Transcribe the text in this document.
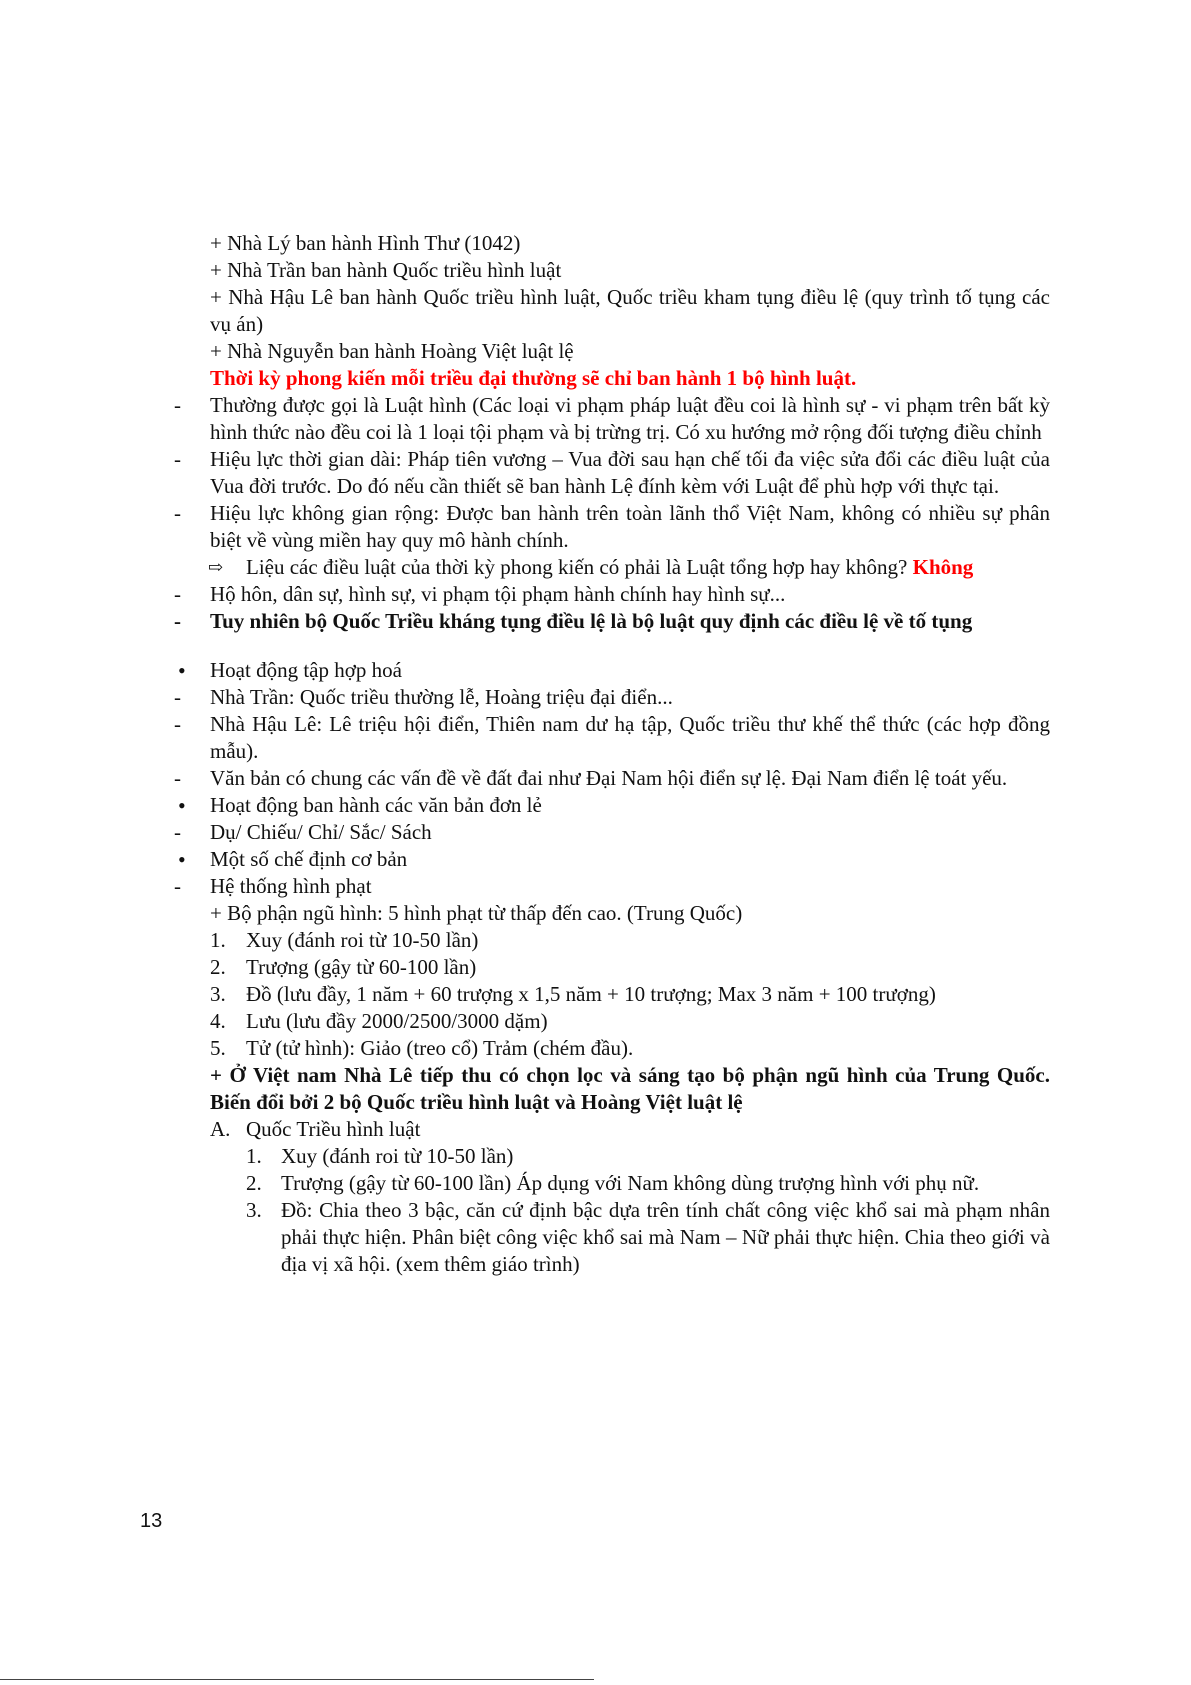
+ Nhà Lý ban hành Hình Thư (1042)
+ Nhà Trần ban hành Quốc triều hình luật
+ Nhà Hậu Lê ban hành Quốc triều hình luật, Quốc triều kham tụng điều lệ (quy trình tố tụng các vụ án)
+ Nhà Nguyễn ban hành Hoàng Việt luật lệ
Thời kỳ phong kiến mỗi triều đại thường sẽ chỉ ban hành 1 bộ hình luật.
-	Thường được gọi là Luật hình (Các loại vi phạm pháp luật đều coi là hình sự - vi phạm trên bất kỳ hình thức nào đều coi là 1 loại tội phạm và bị trừng trị. Có xu hướng mở rộng đối tượng điều chỉnh
-	Hiệu lực thời gian dài: Pháp tiên vương – Vua đời sau hạn chế tối đa việc sửa đổi các điều luật của Vua đời trước. Do đó nếu cần thiết sẽ ban hành Lệ đính kèm với Luật để phù hợp với thực tại.
-	Hiệu lực không gian rộng: Được ban hành trên toàn lãnh thổ Việt Nam, không có nhiều sự phân biệt về vùng miền hay quy mô hành chính.
⇨	Liệu các điều luật của thời kỳ phong kiến có phải là Luật tổng hợp hay không? Không
-	Hộ hôn, dân sự, hình sự, vi phạm tội phạm hành chính hay hình sự...
-	Tuy nhiên bộ Quốc Triều kháng tụng điều lệ là bộ luật quy định các điều lệ về tố tụng
•	Hoạt động tập hợp hoá
-	Nhà Trần: Quốc triều thường lễ, Hoàng triệu đại điển...
-	Nhà Hậu Lê: Lê triệu hội điển, Thiên nam dư hạ tập, Quốc triều thư khế thể thức (các hợp đồng mẫu).
-	Văn bản có chung các vấn đề về đất đai như Đại Nam hội điển sự lệ. Đại Nam điển lệ toát yếu.
•	Hoạt động ban hành các văn bản đơn lẻ
-	Dụ/ Chiếu/ Chỉ/ Sắc/ Sách
•	Một số chế định cơ bản
-	Hệ thống hình phạt
+ Bộ phận ngũ hình: 5 hình phạt từ thấp đến cao. (Trung Quốc)
1. Xuy (đánh roi từ 10-50 lần)
2. Trượng (gậy từ 60-100 lần)
3. Đồ (lưu đầy, 1 năm + 60 trượng x 1,5 năm + 10 trượng; Max 3 năm + 100 trượng)
4. Lưu (lưu đầy 2000/2500/3000 dặm)
5. Tử (tử hình): Giảo (treo cổ) Trảm (chém đầu).
+ Ở Việt nam Nhà Lê tiếp thu có chọn lọc và sáng tạo bộ phận ngũ hình của Trung Quốc. Biến đổi bởi 2 bộ Quốc triều hình luật và Hoàng Việt luật lệ
A. Quốc Triều hình luật
1. Xuy (đánh roi từ 10-50 lần)
2. Trượng (gậy từ 60-100 lần) Áp dụng với Nam không dùng trượng hình với phụ nữ.
3. Đồ: Chia theo 3 bậc, căn cứ định bậc dựa trên tính chất công việc khổ sai mà phạm nhân phải thực hiện. Phân biệt công việc khổ sai mà Nam – Nữ phải thực hiện. Chia theo giới và địa vị xã hội. (xem thêm giáo trình)
13
